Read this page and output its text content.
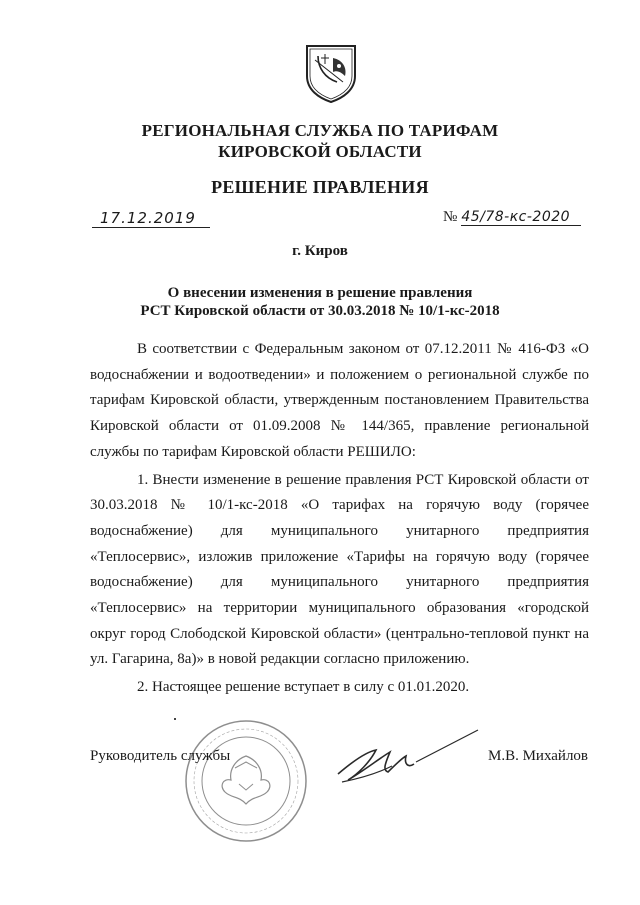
РЕГИОНАЛЬНАЯ СЛУЖБА ПО ТАРИФАМ
КИРОВСКОЙ ОБЛАСТИ
РЕШЕНИЕ ПРАВЛЕНИЯ
17.12.2019	№ 45/78-кс-2020
г. Киров
О внесении изменения в решение правления
РСТ Кировской области от 30.03.2018 № 10/1-кс-2018

В соответствии с Федеральным законом от 07.12.2011 № 416-ФЗ «О водоснабжении и водоотведении» и положением о региональной службе по тарифам Кировской области, утвержденным постановлением Правительства Кировской области от 01.09.2008 № 144/365, правление региональной службы по тарифам Кировской области РЕШИЛО:

1. Внести изменение в решение правления РСТ Кировской области от 30.03.2018 № 10/1-кс-2018 «О тарифах на горячую воду (горячее водоснабжение) для муниципального унитарного предприятия «Теплосервис», изложив приложение «Тарифы на горячую воду (горячее водоснабжение) для муниципального унитарного предприятия «Теплосервис» на территории муниципального образования «городской округ город Слободской Кировской области» (центрально-тепловой пункт на ул. Гагарина, 8а)» в новой редакции согласно приложению.

2. Настоящее решение вступает в силу с 01.01.2020.

Руководитель службы	М.В. Михайлов
